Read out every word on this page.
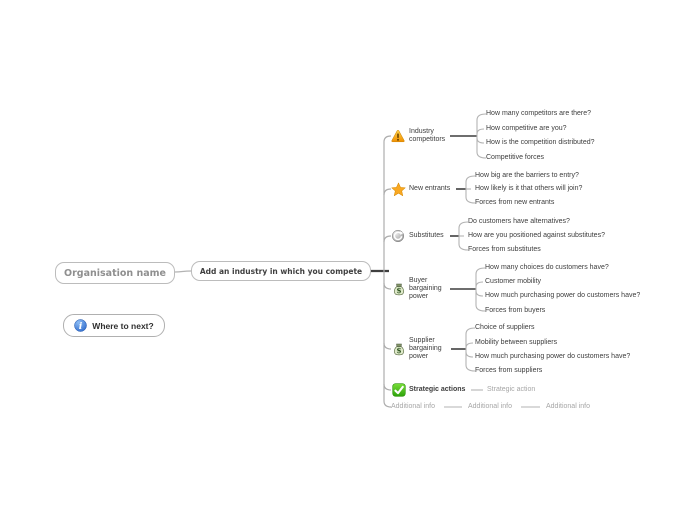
Organisation name	Add an industry in which you compete
i Where to next?
Industry competitors
How many competitors are there?
How competitive are you?
How is the competition distributed?
Competitive forces
New entrants
How big are the barriers to entry?
How likely is it that others will join?
Forces from new entrants
Substitutes
Do customers have alternatives?
How are you positioned against substitutes?
Forces from substitutes
$
Buyer bargaining power
How many choices do customers have?
Customer mobility
How much purchasing power do customers have?
Forces from buyers
$
Supplier bargaining power
Choice of suppliers
Mobility between suppliers
How much purchasing power do customers have?
Forces from suppliers
Strategic actions	Strategic action
Additional info	Additional info	Additional info
